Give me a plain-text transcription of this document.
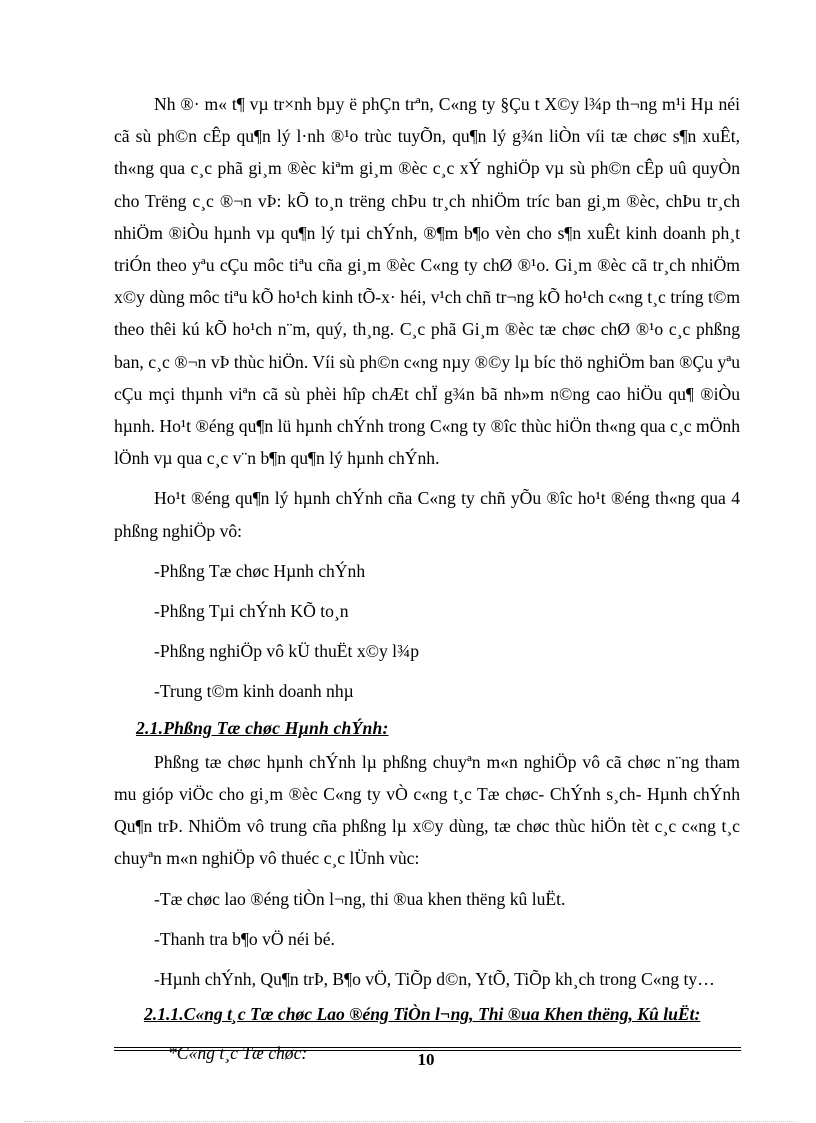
Nh ®· m« t¶ vµ tr×nh bµy ë phÇn trªn, C«ng ty §Çu t X©y l¾p th¬ng m¹i Hµ néi cã sù ph©n cÊp qu¶n lý l·nh ®¹o trùc tuyÕn, qu¶n lý g¾n liÒn víi tæ chøc s¶n xuÊt, th«ng qua c¸c phã gi¸m ®èc kiªm gi¸m ®èc c¸c xÝ nghiÖp vµ sù ph©n cÊp uû quyÒn cho Trëng c¸c ®¬n vÞ: kÕ to¸n trëng chÞu tr¸ch nhiÖm tríc ban gi¸m ®èc, chÞu tr¸ch nhiÖm ®iÒu hµnh vµ qu¶n lý tµi chÝnh, ®¶m b¶o vèn cho s¶n xuÊt kinh doanh ph¸t triÓn theo yªu cÇu môc tiªu cña gi¸m ®èc C«ng ty chØ ®¹o. Gi¸m ®èc cã tr¸ch nhiÖm x©y dùng môc tiªu kÕ ho¹ch kinh tÕ-x· héi, v¹ch chñ tr¬ng kÕ ho¹ch c«ng t¸c tríng t©m theo thêi kú kÕ ho¹ch n¨m, quý, th¸ng. C¸c phã Gi¸m ®èc tæ chøc chØ ®¹o c¸c phßng ban, c¸c ®¬n vÞ thùc hiÖn. Víi sù ph©n c«ng nµy ®©y lµ bíc thö nghiÖm ban ®Çu yªu cÇu mçi thµnh viªn cã sù phèi hîp chÆt chÏ g¾n bã nh»m n©ng cao hiÖu qu¶ ®iÒu hµnh. Ho¹t ®éng qu¶n lü hµnh chÝnh trong C«ng ty ®îc thùc hiÖn th«ng qua c¸c mÖnh lÖnh vµ qua c¸c v¨n b¶n qu¶n lý hµnh chÝnh.

Ho¹t ®éng qu¶n lý hµnh chÝnh cña C«ng ty chñ yÕu ®îc ho¹t ®éng th«ng qua 4 phßng nghiÖp vô:

-Phßng Tæ chøc Hµnh chÝnh

-Phßng Tµi chÝnh KÕ to¸n

-Phßng nghiÖp vô kÜ thuËt x©y l¾p

-Trung t©m kinh doanh nhµ

2.1.Phßng Tæ chøc Hµnh chÝnh:

Phßng tæ chøc hµnh chÝnh lµ phßng chuyªn m«n nghiÖp vô cã chøc n¨ng tham mu gióp viÖc cho gi¸m ®èc C«ng ty vÒ c«ng t¸c Tæ chøc- ChÝnh s¸ch- Hµnh chÝnh Qu¶n trÞ. NhiÖm vô trung cña phßng lµ x©y dùng, tæ chøc thùc hiÖn tèt c¸c c«ng t¸c chuyªn m«n nghiÖp vô thuéc c¸c lÜnh vùc:

-Tæ chøc lao ®éng tiÒn l¬ng, thi ®ua khen thëng kû luËt.

-Thanh tra b¶o vÖ néi bé.

-Hµnh chÝnh, Qu¶n trÞ, B¶o vÖ, TiÕp d©n, YtÕ, TiÕp kh¸ch trong C«ng ty…

2.1.1.C«ng t¸c Tæ chøc Lao ®éng TiÒn l¬ng, Thi ®ua Khen thëng, Kû luËt:

*C«ng t¸c Tæ chøc:	10
